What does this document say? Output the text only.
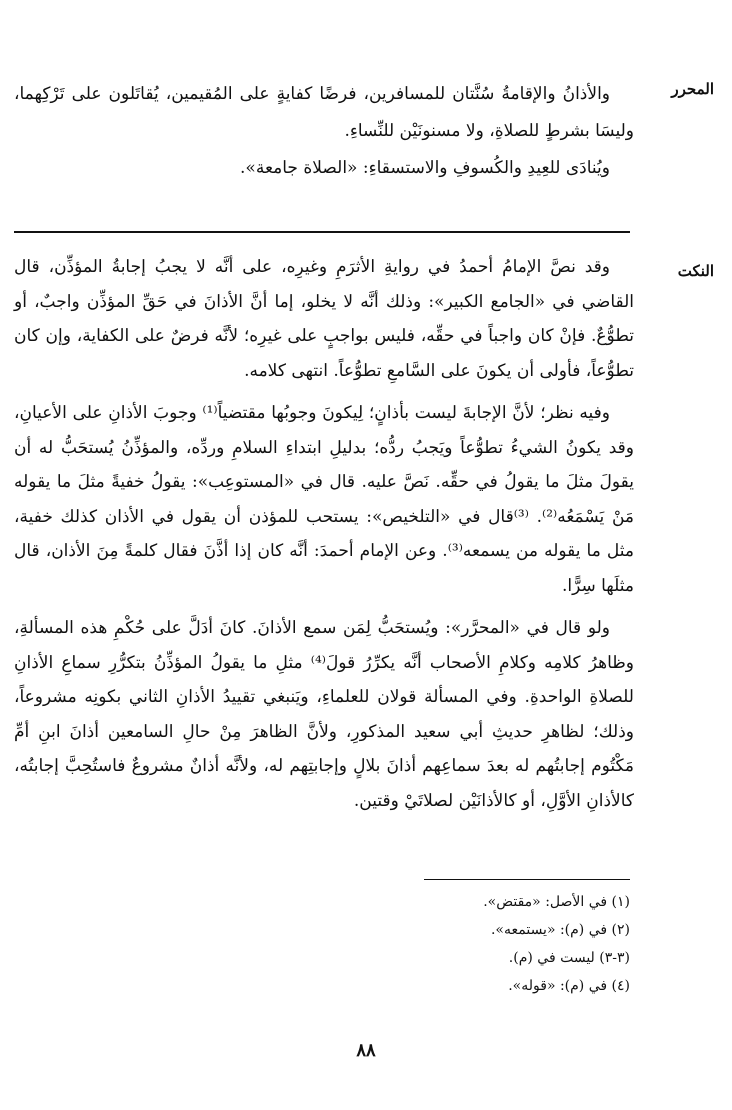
المحرر

والأذانُ والإقامةُ سُنَّتان للمسافرين، فرضًا كفايةٍ على المُقيمين، يُقاتَلون على تَرْكِهما، وليسَا بشرطٍ للصلاةِ، ولا مسنونَيْن للنِّساءِ.

ويُنادَى للعِيدِ والكُسوفِ والاستسقاءِ: «الصلاة جامعة».

النكت

وقد نصَّ الإمامُ أحمدُ في روايةِ الأثرَمِ وغيرِه، على أنَّه لا يجبُ إجابةُ المؤذِّن، قال القاضي في «الجامع الكبير»: وذلك أنَّه لا يخلو، إما أنَّ الأذانَ في حَقِّ المؤذِّن واجبٌ، أو تطوُّعٌ. فإنْ كان واجباً في حقِّه، فليس بواجبٍ على غيرِه؛ لأنَّه فرضٌ على الكفاية، وإن كان تطوُّعاً، فأولى أن يكونَ على السَّامعِ تطوُّعاً. انتهى كلامه.

وفيه نظر؛ لأنَّ الإجابةَ ليست بأذانٍ؛ لِيكونَ وجوبُها مقتضياً⁽¹⁾ وجوبَ الأذانِ على الأعيانِ، وقد يكونُ الشيءُ تطوُّعاً ويَجبُ ردُّه؛ بدليلِ ابتداءِ السلامِ وردِّه، والمؤذِّنُ يُستحَبُّ له أن يقولَ مثلَ ما يقولُ في حقِّه. نَصَّ عليه. قال في «المستوعِب»: يقولُ خفيةً مثلَ ما يقوله مَنْ يَسْمَعُه⁽²⁾. ⁽³⁾قال في «التلخيص»: يستحب للمؤذن أن يقول في الأذان كذلك خفية، مثل ما يقوله من يسمعه⁽³⁾. وعن الإمام أحمدَ: أنَّه كان إذا أذَّنَ فقال كلمةً مِنَ الأذان، قال مثلَها سِرًّا.

ولو قال في «المحرَّر»: ويُستحَبُّ لِمَن سمع الأذانَ. كانَ أدَلَّ على حُكْمِ هذه المسألةِ، وظاهرُ كلامِه وكلامِ الأصحاب أنَّه يكرِّرُ قولَ⁽⁴⁾ مثلِ ما يقولُ المؤذِّنُ بتكرُّرِ سماعِ الأذانِ للصلاةِ الواحدةِ. وفي المسألة قولان للعلماءِ، ويَنبغي تقييدُ الأذانِ الثاني بكونِه مشروعاً، وذلك؛ لظاهرِ حديثِ أبي سعيد المذكورِ، ولأنَّ الظاهرَ مِنْ حالِ السامعين أذانَ ابنِ أمِّ مَكْتُوم إجابتُهم له بعدَ سماعِهم أذانَ بلالٍ وإجابتِهم له، ولأنَّه أذانٌ مشروعٌ فاستُحِبَّ إجابتُه، كالأذانِ الأوَّلِ، أو كالأذانَيْن لصلاتَيْ وقتين.

(١) في الأصل: «مقتض».

(٢) في (م): «يستمعه».

(٣-٣) ليست في (م).

(٤) في (م): «قوله».

٨٨
